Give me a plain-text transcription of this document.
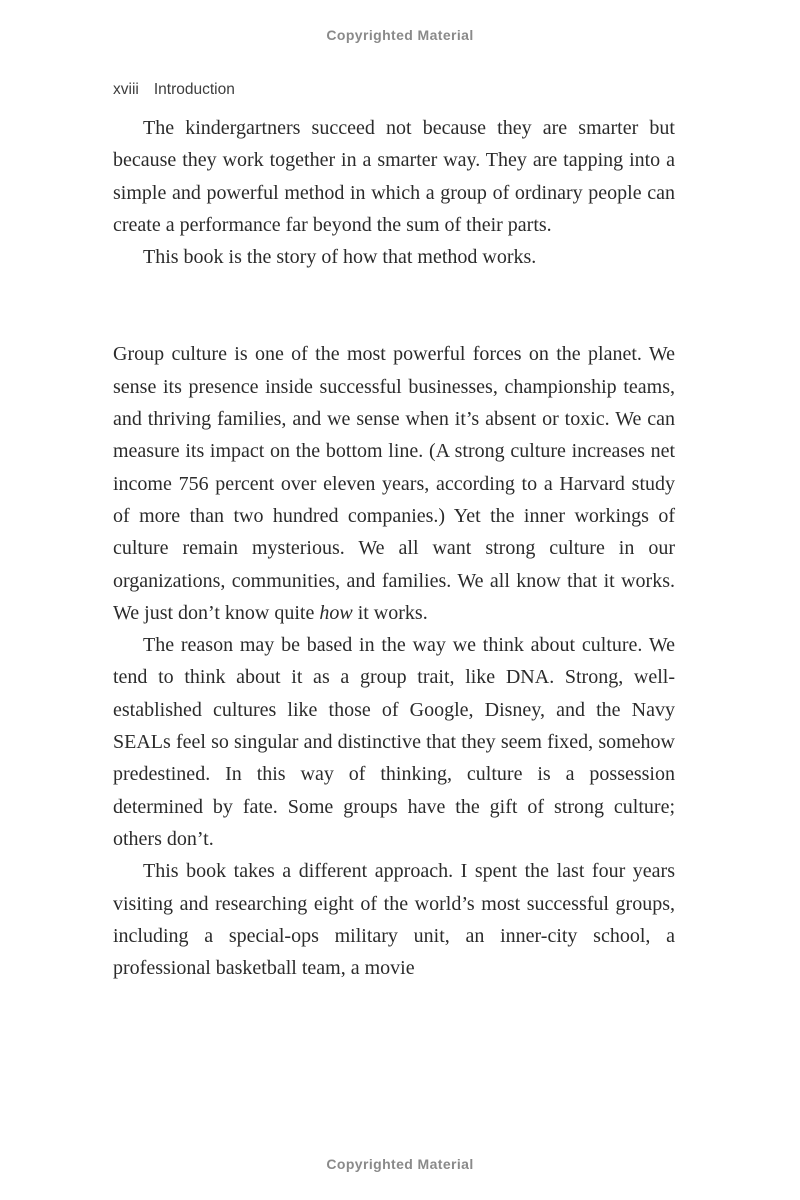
Copyrighted Material
xviii Introduction

The kindergartners succeed not because they are smarter but because they work together in a smarter way. They are tapping into a simple and powerful method in which a group of ordinary people can create a performance far beyond the sum of their parts.

This book is the story of how that method works.

Group culture is one of the most powerful forces on the planet. We sense its presence inside successful businesses, championship teams, and thriving families, and we sense when it’s absent or toxic. We can measure its impact on the bottom line. (A strong culture increases net income 756 percent over eleven years, according to a Harvard study of more than two hundred companies.) Yet the inner workings of culture remain mysterious. We all want strong culture in our organizations, communities, and families. We all know that it works. We just don’t know quite how it works.

The reason may be based in the way we think about culture. We tend to think about it as a group trait, like DNA. Strong, well-established cultures like those of Google, Disney, and the Navy SEALs feel so singular and distinctive that they seem fixed, somehow predestined. In this way of thinking, culture is a possession determined by fate. Some groups have the gift of strong culture; others don’t.

This book takes a different approach. I spent the last four years visiting and researching eight of the world’s most successful groups, including a special-ops military unit, an inner-city school, a professional basketball team, a movie

Copyrighted Material
